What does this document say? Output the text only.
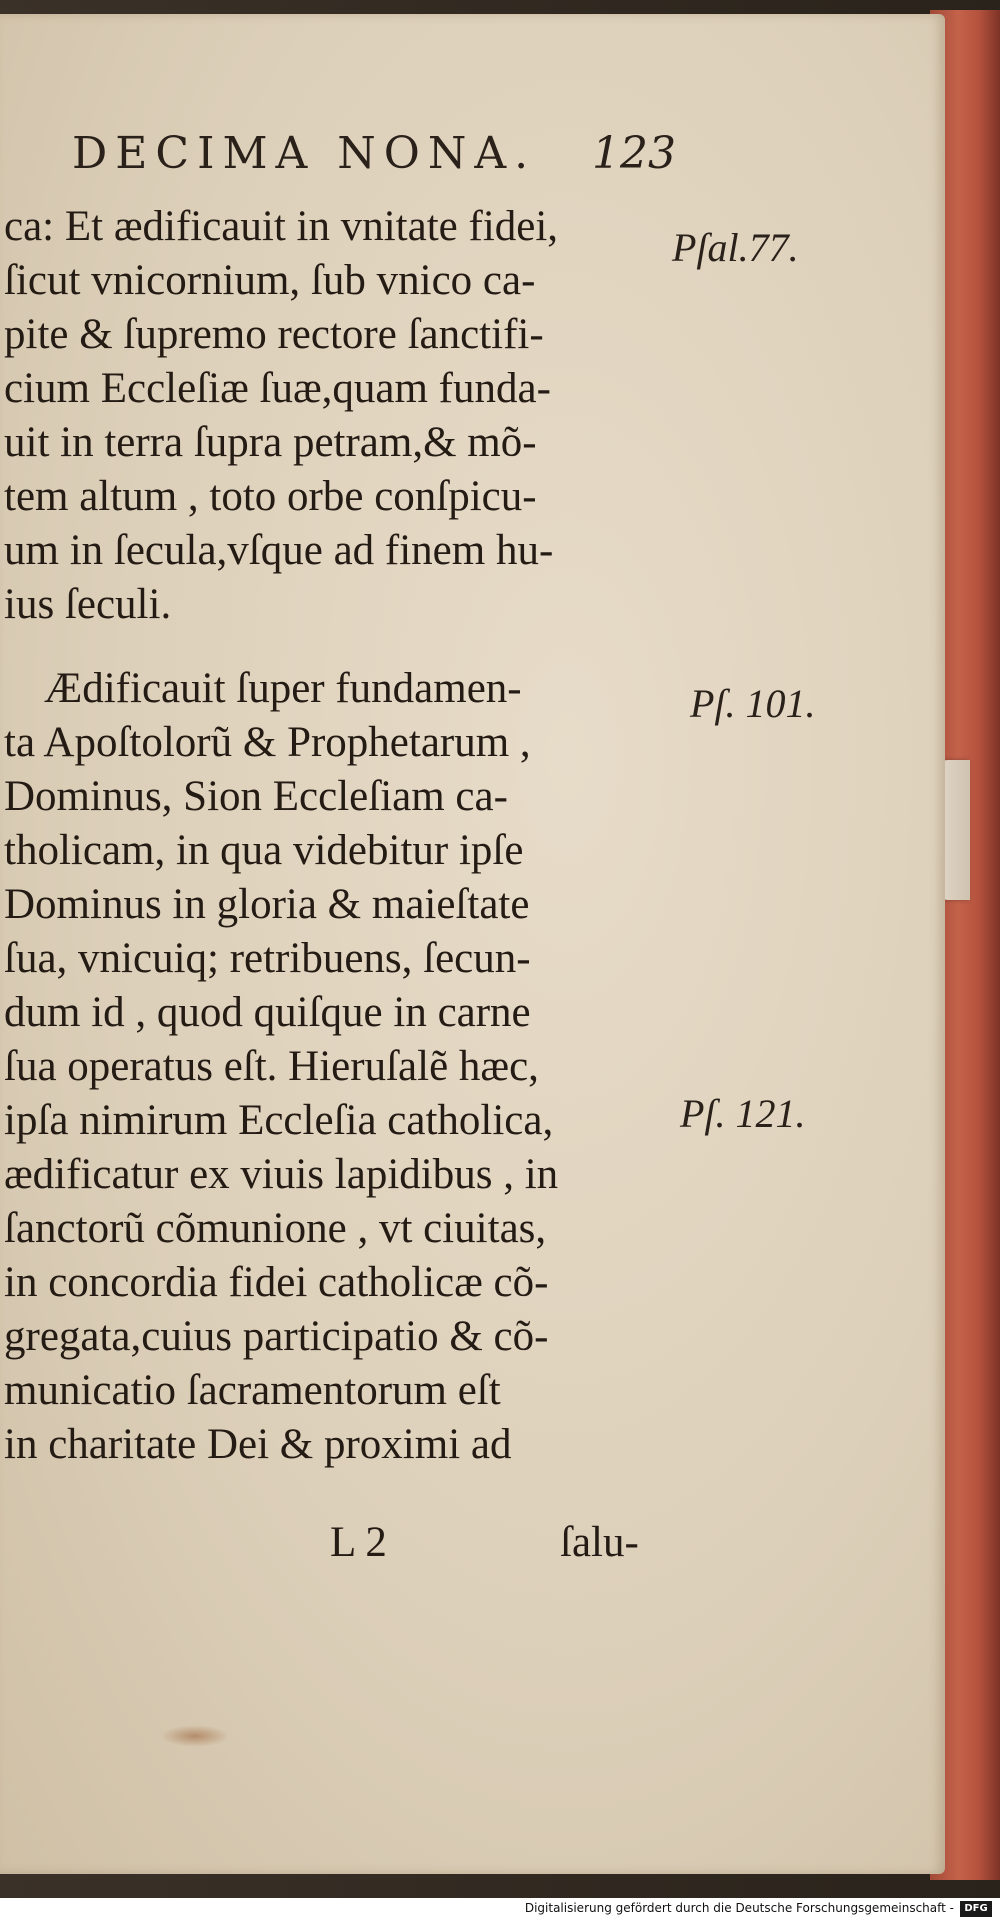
DECIMA NONA. 123
ca: Et ædificauit in vnitate fidei,
ſicut vnicornium, ſub vnico ca-
pite & ſupremo rectore ſanctifi-
cium Eccleſiæ ſuæ,quam funda-
uit in terra ſupra petram,& mõ-
tem altum , toto orbe conſpicu-
um in ſecula,vſque ad finem hu-
ius ſeculi.
Ædificauit ſuper fundamen-
ta Apoſtolorũ & Prophetarum ,
Dominus, Sion Eccleſiam ca-
tholicam, in qua videbitur ipſe
Dominus in gloria & maieſtate
ſua, vnicuiq; retribuens, ſecun-
dum id , quod quiſque in carne
ſua operatus eſt. Hieruſalẽ hæc,
ipſa nimirum Eccleſia catholica,
ædificatur ex viuis lapidibus , in
ſanctorũ cõmunione , vt ciuitas,
in concordia fidei catholicæ cõ-
gregata,cuius participatio & cõ-
municatio ſacramentorum eſt
in charitate Dei & proximi ad
Pſal.77.
Pſ. 101.
Pſ. 121.
L 2	ſalu-
Digitalisierung gefördert durch die Deutsche Forschungsgemeinschaft -	DFG
